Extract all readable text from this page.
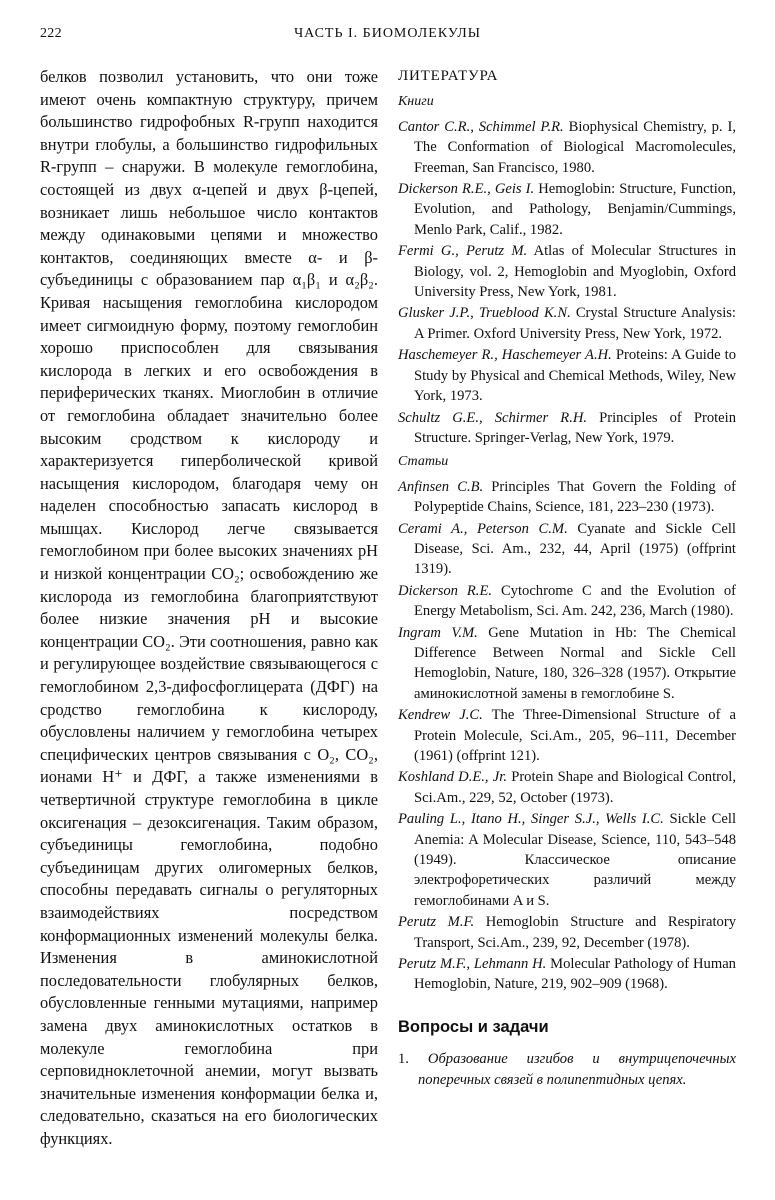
222	ЧАСТЬ I. БИОМОЛЕКУЛЫ

белков позволил установить, что они тоже имеют очень компактную структуру, причем большинство гидрофобных R-групп находится внутри глобулы, а большинство гидрофильных R-групп – снаружи. В молекуле гемоглобина, состоящей из двух α-цепей и двух β-цепей, возникает лишь небольшое число контактов между одинаковыми цепями и множество контактов, соединяющих вместе α- и β-субъединицы с образованием пар α₁β₁ и α₂β₂. Кривая насыщения гемоглобина кислородом имеет сигмоидную форму, поэтому гемоглобин хорошо приспособлен для связывания кислорода в легких и его освобождения в периферических тканях. Миоглобин в отличие от гемоглобина обладает значительно более высоким сродством к кислороду и характеризуется гиперболической кривой насыщения кислородом, благодаря чему он наделен способностью запасать кислород в мышцах. Кислород легче связывается гемоглобином при более высоких значениях pH и низкой концентрации CO₂; освобождению же кислорода из гемоглобина благоприятствуют более низкие значения pH и высокие концентрации CO₂. Эти соотношения, равно как и регулирующее воздействие связывающегося с гемоглобином 2,3-дифосфоглицерата (ДФГ) на сродство гемоглобина к кислороду, обусловлены наличием у гемоглобина четырех специфических центров связывания с O₂, CO₂, ионами H⁺ и ДФГ, а также изменениями в четвертичной структуре гемоглобина в цикле оксигенация – дезоксигенация. Таким образом, субъединицы гемоглобина, подобно субъединицам других олигомерных белков, способны передавать сигналы о регуляторных взаимодействиях посредством конформационных изменений молекулы белка. Изменения в аминокислотной последовательности глобулярных белков, обусловленные генными мутациями, например замена двух аминокислотных остатков в молекуле гемоглобина при серповидноклеточной анемии, могут вызвать значительные изменения конформации белка и, следовательно, сказаться на его биологических функциях.

ЛИТЕРАТУРА
Книги

Cantor C.R., Schimmel P.R. Biophysical Chemistry, p. I, The Conformation of Biological Macromolecules, Freeman, San Francisco, 1980.

Dickerson R.E., Geis I. Hemoglobin: Structure, Function, Evolution, and Pathology, Benjamin/Cummings, Menlo Park, Calif., 1982.

Fermi G., Perutz M. Atlas of Molecular Structures in Biology, vol. 2, Hemoglobin and Myoglobin, Oxford University Press, New York, 1981.

Glusker J.P., Trueblood K.N. Crystal Structure Analysis: A Primer. Oxford University Press, New York, 1972.

Haschemeyer R., Haschemeyer A.H. Proteins: A Guide to Study by Physical and Chemical Methods, Wiley, New York, 1973.

Schultz G.E., Schirmer R.H. Principles of Protein Structure. Springer-Verlag, New York, 1979.

Статьи

Anfinsen C.B. Principles That Govern the Folding of Polypeptide Chains, Science, 181, 223–230 (1973).

Cerami A., Peterson C.M. Cyanate and Sickle Cell Disease, Sci. Am., 232, 44, April (1975) (offprint 1319).

Dickerson R.E. Cytochrome C and the Evolution of Energy Metabolism, Sci. Am. 242, 236, March (1980).

Ingram V.M. Gene Mutation in Hb: The Chemical Difference Between Normal and Sickle Cell Hemoglobin, Nature, 180, 326–328 (1957). Открытие аминокислотной замены в гемоглобине S.

Kendrew J.C. The Three-Dimensional Structure of a Protein Molecule, Sci.Am., 205, 96–111, December (1961) (offprint 121).

Koshland D.E., Jr. Protein Shape and Biological Control, Sci.Am., 229, 52, October (1973).

Pauling L., Itano H., Singer S.J., Wells I.C. Sickle Cell Anemia: A Molecular Disease, Science, 110, 543–548 (1949). Классическое описание электрофоретических различий между гемоглобинами A и S.

Perutz M.F. Hemoglobin Structure and Respiratory Transport, Sci.Am., 239, 92, December (1978).

Perutz M.F., Lehmann H. Molecular Pathology of Human Hemoglobin, Nature, 219, 902–909 (1968).

Вопросы и задачи
1. Образование изгибов и внутрицепочечных поперечных связей в полипептидных цепях.
